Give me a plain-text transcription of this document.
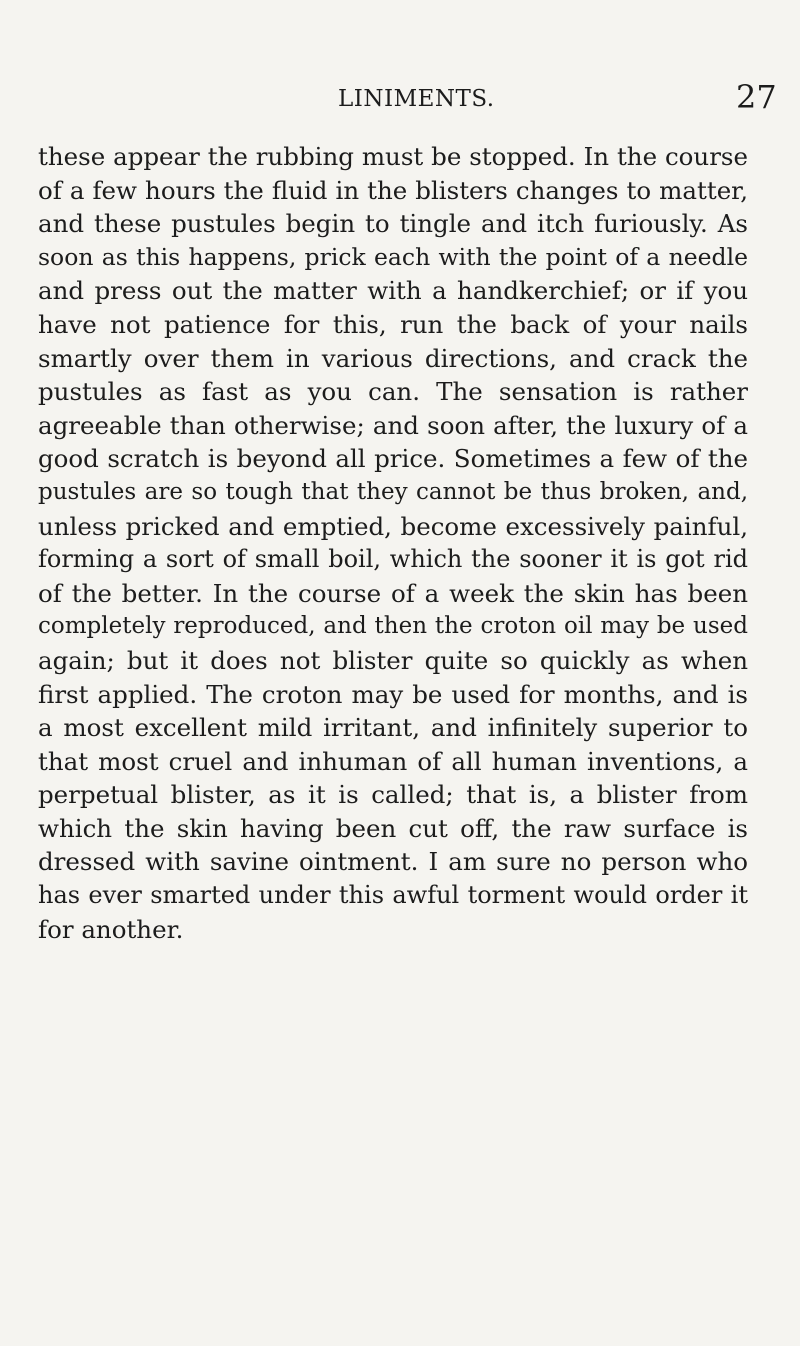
LINIMENTS.	27
these appear the rubbing must be stopped. In the course
of a few hours the fluid in the blisters changes to matter,
and these pustules begin to tingle and itch furiously. As
soon as this happens, prick each with the point of a needle
and press out the matter with a handkerchief; or if you
have not patience for this, run the back of your nails
smartly over them in various directions, and crack the
pustules as fast as you can. The sensation is rather
agreeable than otherwise; and soon after, the luxury of a
good scratch is beyond all price. Sometimes a few of the
pustules are so tough that they cannot be thus broken, and,
unless pricked and emptied, become excessively painful,
forming a sort of small boil, which the sooner it is got rid
of the better. In the course of a week the skin has been
completely reproduced, and then the croton oil may be used
again; but it does not blister quite so quickly as when
first applied. The croton may be used for months, and is
a most excellent mild irritant, and infinitely superior to
that most cruel and inhuman of all human inventions, a
perpetual blister, as it is called; that is, a blister from
which the skin having been cut off, the raw surface is
dressed with savine ointment. I am sure no person who
has ever smarted under this awful torment would order it
for another.
